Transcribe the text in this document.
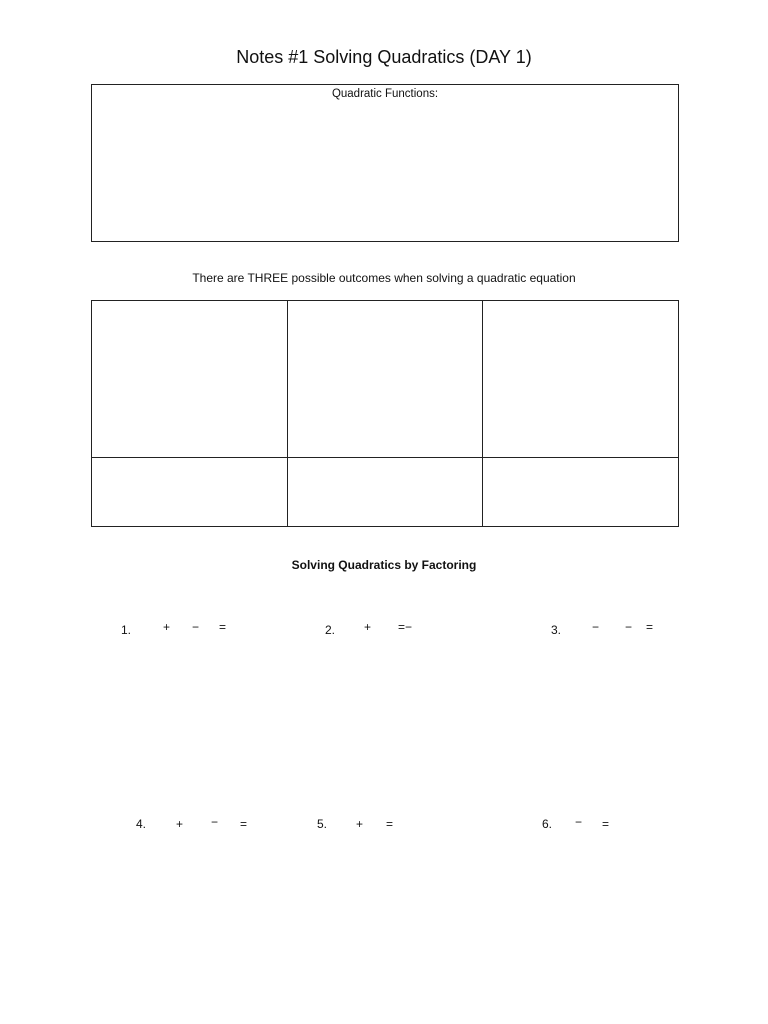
Notes #1 Solving Quadratics (DAY 1)
Quadratic Functions:
There are THREE possible outcomes when solving a quadratic equation

Solving Quadratics by Factoring
1.	+ − =	2. + =−	3.	− − =
4. + − =	5. + =	6. − =
